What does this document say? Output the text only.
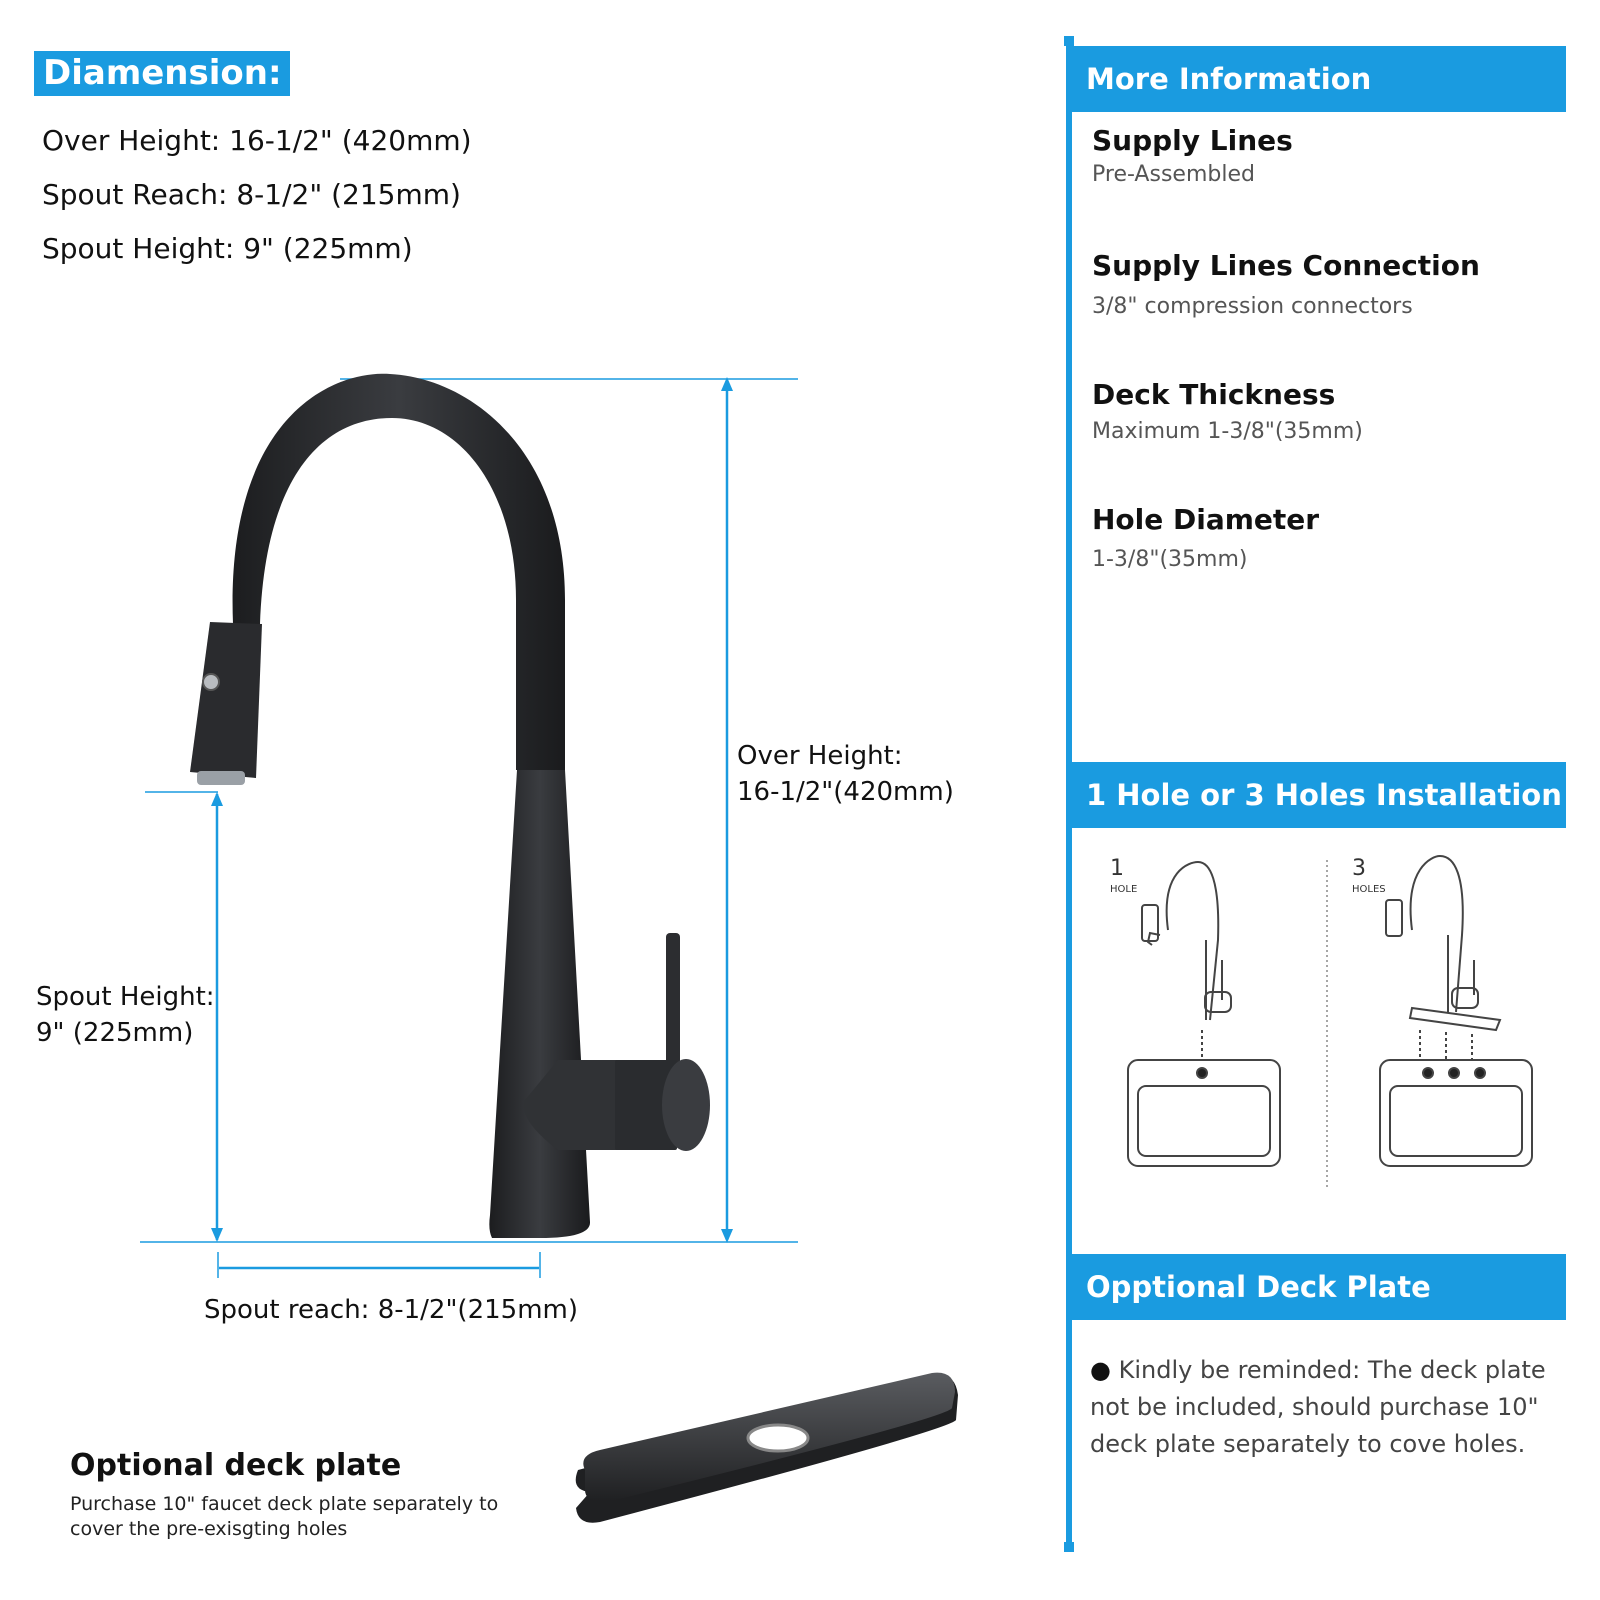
Diamension:
Over Height: 16-1/2" (420mm)
Spout Reach: 8-1/2" (215mm)
Spout Height: 9" (225mm)
Over Height:
16-1/2"(420mm)
Spout Height:
9" (225mm)
Spout reach: 8-1/2"(215mm)
Optional deck plate
Purchase 10" faucet deck plate separately to cover the pre-exisgting holes
More Information
Supply Lines
Pre-Assembled
Supply Lines Connection
3/8" compression connectors
Deck Thickness
Maximum 1-3/8"(35mm)
Hole Diameter
1-3/8"(35mm)
1 Hole or 3 Holes Installation
1
HOLE
3
HOLES
Opptional Deck Plate
● Kindly be reminded: The deck plate not be included, should purchase 10" deck plate separately to cove holes.
